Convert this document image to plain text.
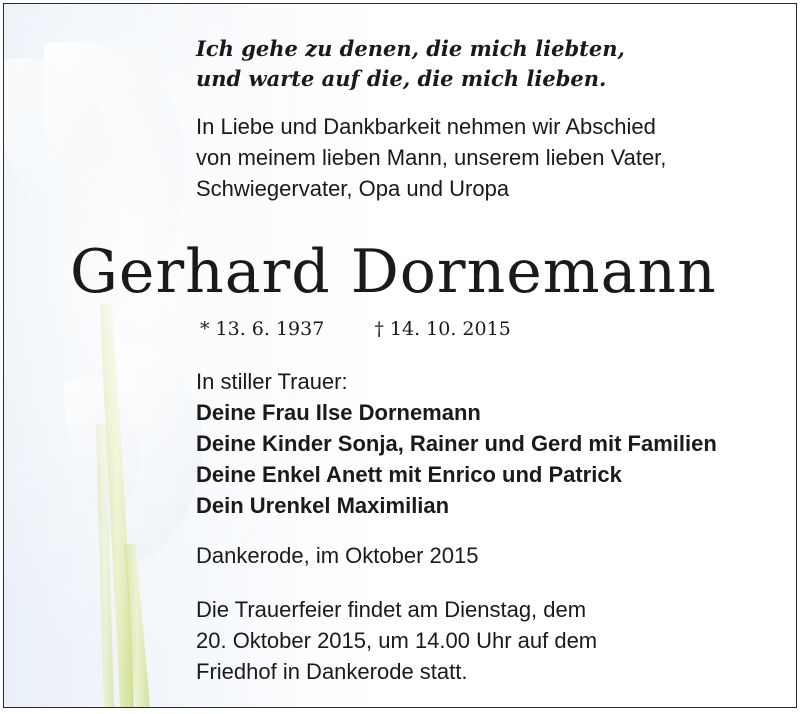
Ich gehe zu denen, die mich liebten,
und warte auf die, die mich lieben.
In Liebe und Dankbarkeit nehmen wir Abschied
von meinem lieben Mann, unserem lieben Vater,
Schwiegervater, Opa und Uropa
Gerhard Dornemann
* 13. 6. 1937	† 14. 10. 2015
In stiller Trauer:
Deine Frau Ilse Dornemann
Deine Kinder Sonja, Rainer und Gerd mit Familien
Deine Enkel Anett mit Enrico und Patrick
Dein Urenkel Maximilian
Dankerode, im Oktober 2015
Die Trauerfeier findet am Dienstag, dem
20. Oktober 2015, um 14.00 Uhr auf dem
Friedhof in Dankerode statt.
